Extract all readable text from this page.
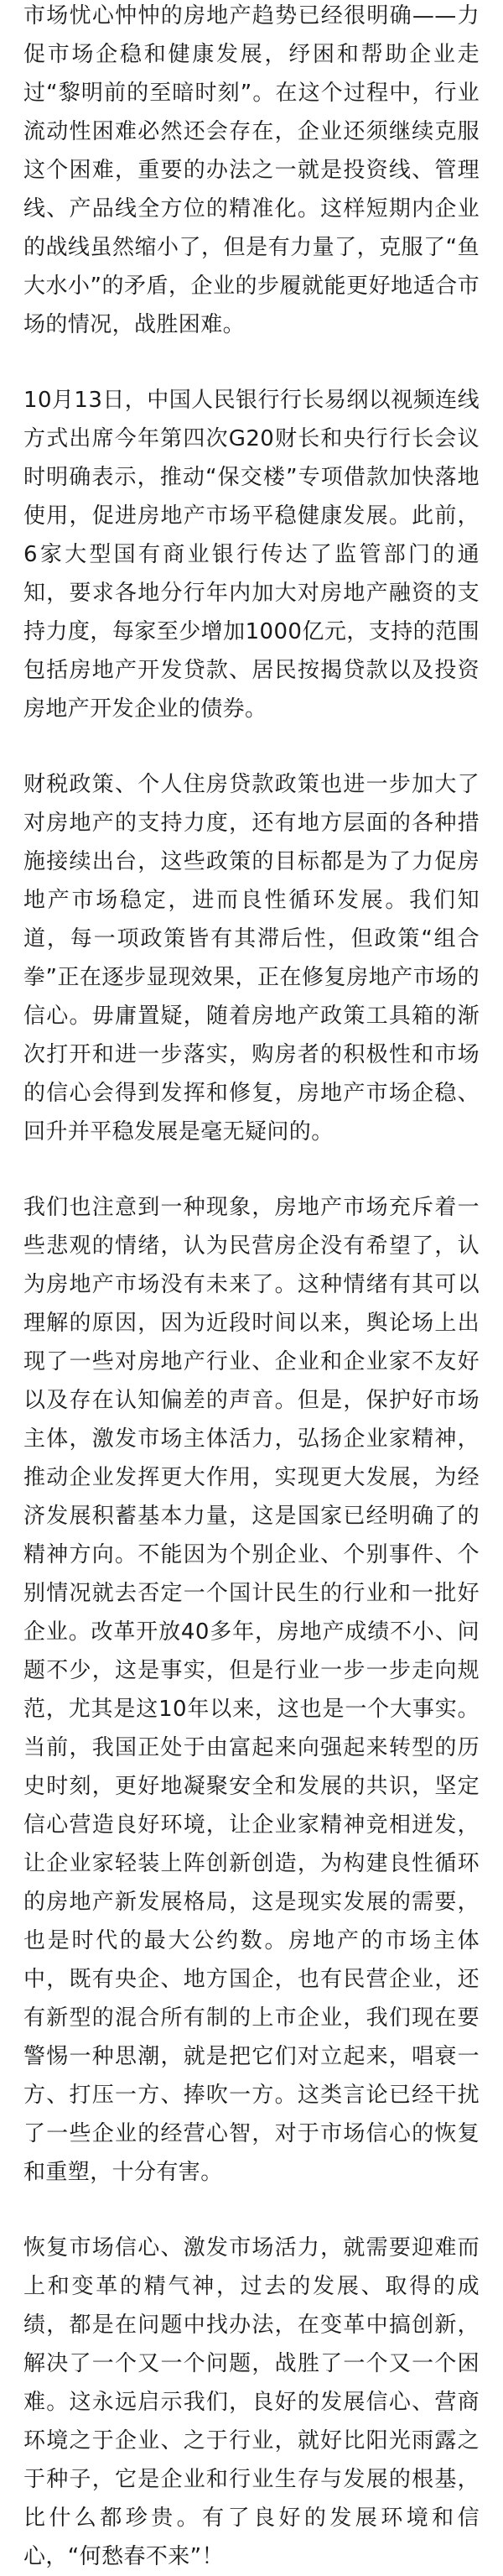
市场忧心忡忡的房地产趋势已经很明确——力促市场企稳和健康发展，纾困和帮助企业走过“黎明前的至暗时刻”。在这个过程中，行业流动性困难必然还会存在，企业还须继续克服这个困难，重要的办法之一就是投资线、管理线、产品线全方位的精准化。这样短期内企业的战线虽然缩小了，但是有力量了，克服了“鱼大水小”的矛盾，企业的步履就能更好地适合市场的情况，战胜困难。

10月13日，中国人民银行行长易纲以视频连线方式出席今年第四次G20财长和央行行长会议时明确表示，推动“保交楼”专项借款加快落地使用，促进房地产市场平稳健康发展。此前，6家大型国有商业银行传达了监管部门的通知，要求各地分行年内加大对房地产融资的支持力度，每家至少增加1000亿元，支持的范围包括房地产开发贷款、居民按揭贷款以及投资房地产开发企业的债券。

财税政策、个人住房贷款政策也进一步加大了对房地产的支持力度，还有地方层面的各种措施接续出台，这些政策的目标都是为了力促房地产市场稳定，进而良性循环发展。我们知道，每一项政策皆有其滞后性，但政策“组合拳”正在逐步显现效果，正在修复房地产市场的信心。毋庸置疑，随着房地产政策工具箱的渐次打开和进一步落实，购房者的积极性和市场的信心会得到发挥和修复，房地产市场企稳、回升并平稳发展是毫无疑问的。

我们也注意到一种现象，房地产市场充斥着一些悲观的情绪，认为民营房企没有希望了，认为房地产市场没有未来了。这种情绪有其可以理解的原因，因为近段时间以来，舆论场上出现了一些对房地产行业、企业和企业家不友好以及存在认知偏差的声音。但是，保护好市场主体，激发市场主体活力，弘扬企业家精神，推动企业发挥更大作用，实现更大发展，为经济发展积蓄基本力量，这是国家已经明确了的精神方向。不能因为个别企业、个别事件、个别情况就去否定一个国计民生的行业和一批好企业。改革开放40多年，房地产成绩不小、问题不少，这是事实，但是行业一步一步走向规范，尤其是这10年以来，这也是一个大事实。当前，我国正处于由富起来向强起来转型的历史时刻，更好地凝聚安全和发展的共识，坚定信心营造良好环境，让企业家精神竞相迸发，让企业家轻装上阵创新创造，为构建良性循环的房地产新发展格局，这是现实发展的需要，也是时代的最大公约数。房地产的市场主体中，既有央企、地方国企，也有民营企业，还有新型的混合所有制的上市企业，我们现在要警惕一种思潮，就是把它们对立起来，唱衰一方、打压一方、捧吹一方。这类言论已经干扰了一些企业的经营心智，对于市场信心的恢复和重塑，十分有害。

恢复市场信心、激发市场活力，就需要迎难而上和变革的精气神，过去的发展、取得的成绩，都是在问题中找办法，在变革中搞创新，解决了一个又一个问题，战胜了一个又一个困难。这永远启示我们，良好的发展信心、营商环境之于企业、之于行业，就好比阳光雨露之于种子，它是企业和行业生存与发展的根基，比什么都珍贵。有了良好的发展环境和信心，“何愁春不来”！
